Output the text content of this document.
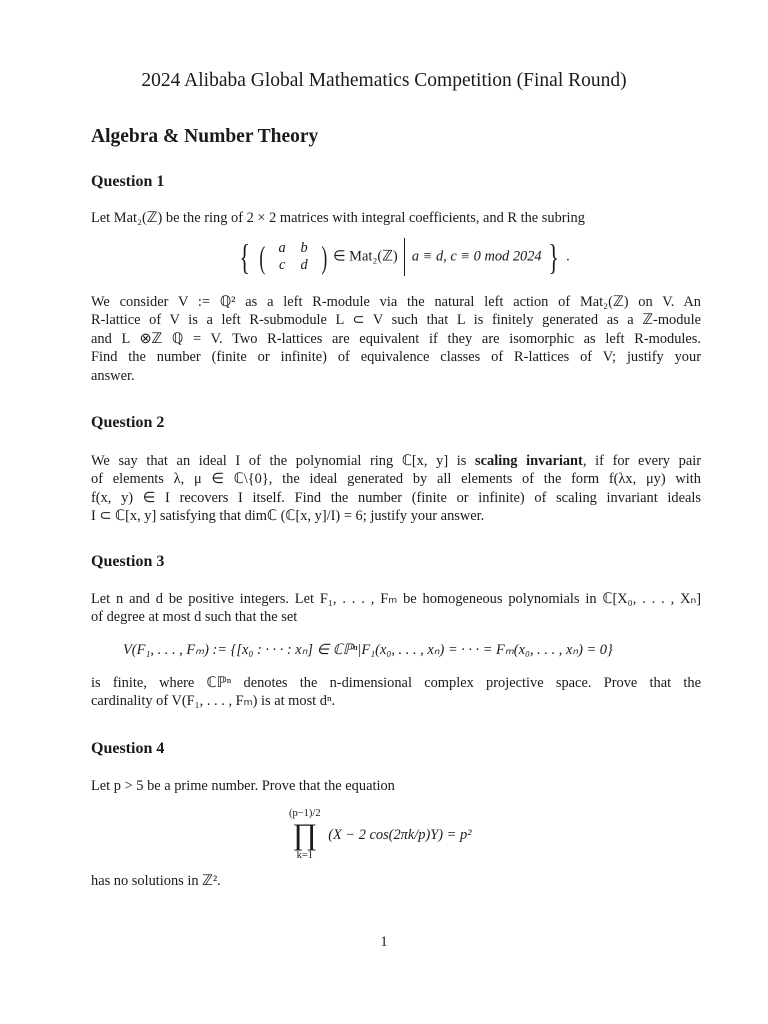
2024 Alibaba Global Mathematics Competition (Final Round)
Algebra & Number Theory
Question 1
Let Mat₂(ℤ) be the ring of 2 × 2 matrices with integral coefficients, and R the subring
{ ( a b
c d ) ∈ Mat₂(ℤ) a ≡ d, c ≡ 0 mod 2024 } .
We consider V := ℚ² as a left R-module via the natural left action of Mat₂(ℤ) on V. An
R-lattice of V is a left R-submodule L ⊂ V such that L is finitely generated as a ℤ-module
and L ⊗ℤ ℚ = V. Two R-lattices are equivalent if they are isomorphic as left R-modules.
Find the number (finite or infinite) of equivalence classes of R-lattices of V; justify your
answer.
Question 2
We say that an ideal I of the polynomial ring ℂ[x, y] is scaling invariant, if for every pair
of elements λ, μ ∈ ℂ\{0}, the ideal generated by all elements of the form f(λx, μy) with
f(x, y) ∈ I recovers I itself. Find the number (finite or infinite) of scaling invariant ideals
I ⊂ ℂ[x, y] satisfying that dimℂ (ℂ[x, y]/I) = 6; justify your answer.
Question 3
Let n and d be positive integers. Let F₁, . . . , Fₘ be homogeneous polynomials in ℂ[X₀, . . . , Xₙ]
of degree at most d such that the set
V(F₁, . . . , Fₘ) := {[x₀ : · · · : xₙ] ∈ ℂℙⁿ|F₁(x₀, . . . , xₙ) = · · · = Fₘ(x₀, . . . , xₙ) = 0}
is finite, where ℂℙⁿ denotes the n-dimensional complex projective space. Prove that the
cardinality of V(F₁, . . . , Fₘ) is at most dⁿ.
Question 4
Let p > 5 be a prime number. Prove that the equation
(p−1)/2
∏
k=1 (X − 2 cos(2πk/p)Y) = p²
has no solutions in ℤ².
1
